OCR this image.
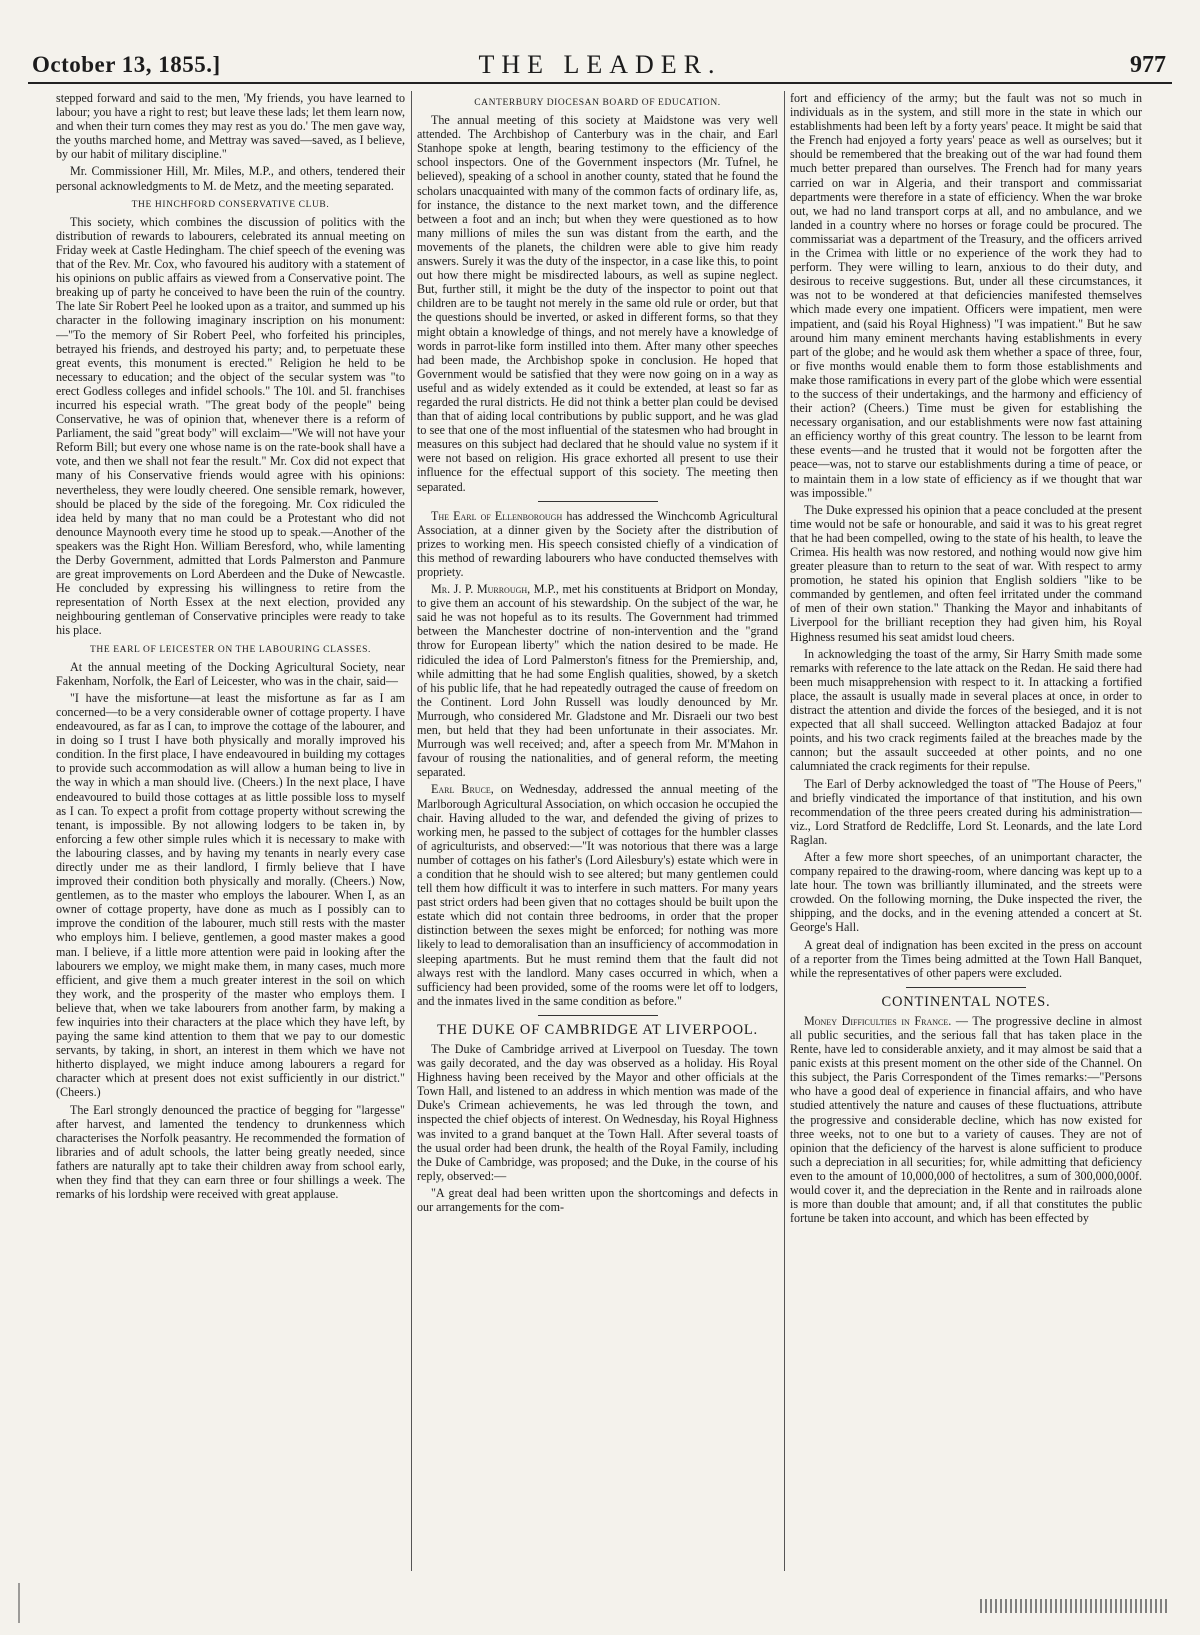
October 13, 1855.]	THE LEADER.	977

stepped forward and said to the men, 'My friends, you have learned to labour; you have a right to rest; but leave these lads; let them learn now, and when their turn comes they may rest as you do.' The men gave way, the youths marched home, and Mettray was saved—saved, as I believe, by our habit of military discipline."

Mr. Commissioner Hill, Mr. Miles, M.P., and others, tendered their personal acknowledgments to M. de Metz, and the meeting separated.

THE HINCHFORD CONSERVATIVE CLUB.

This society, which combines the discussion of politics with the distribution of rewards to labourers, celebrated its annual meeting on Friday week at Castle Hedingham. The chief speech of the evening was that of the Rev. Mr. Cox, who favoured his auditory with a statement of his opinions on public affairs as viewed from a Conservative point. The breaking up of party he conceived to have been the ruin of the country. The late Sir Robert Peel he looked upon as a traitor, and summed up his character in the following imaginary inscription on his monument:—"To the memory of Sir Robert Peel, who forfeited his principles, betrayed his friends, and destroyed his party; and, to perpetuate these great events, this monument is erected." Religion he held to be necessary to education; and the object of the secular system was "to erect Godless colleges and infidel schools." The 10l. and 5l. franchises incurred his especial wrath. "The great body of the people" being Conservative, he was of opinion that, whenever there is a reform of Parliament, the said "great body" will exclaim—"We will not have your Reform Bill; but every one whose name is on the rate-book shall have a vote, and then we shall not fear the result." Mr. Cox did not expect that many of his Conservative friends would agree with his opinions: nevertheless, they were loudly cheered. One sensible remark, however, should be placed by the side of the foregoing. Mr. Cox ridiculed the idea held by many that no man could be a Protestant who did not denounce Maynooth every time he stood up to speak.—Another of the speakers was the Right Hon. William Beresford, who, while lamenting the Derby Government, admitted that Lords Palmerston and Panmure are great improvements on Lord Aberdeen and the Duke of Newcastle. He concluded by expressing his willingness to retire from the representation of North Essex at the next election, provided any neighbouring gentleman of Conservative principles were ready to take his place.

THE EARL OF LEICESTER ON THE LABOURING CLASSES.

At the annual meeting of the Docking Agricultural Society, near Fakenham, Norfolk, the Earl of Leicester, who was in the chair, said—

"I have the misfortune—at least the misfortune as far as I am concerned—to be a very considerable owner of cottage property. I have endeavoured, as far as I can, to improve the cottage of the labourer, and in doing so I trust I have both physically and morally improved his condition. In the first place, I have endeavoured in building my cottages to provide such accommodation as will allow a human being to live in the way in which a man should live. (Cheers.) In the next place, I have endeavoured to build those cottages at as little possible loss to myself as I can. To expect a profit from cottage property without screwing the tenant, is impossible. By not allowing lodgers to be taken in, by enforcing a few other simple rules which it is necessary to make with the labouring classes, and by having my tenants in nearly every case directly under me as their landlord, I firmly believe that I have improved their condition both physically and morally. (Cheers.) Now, gentlemen, as to the master who employs the labourer. When I, as an owner of cottage property, have done as much as I possibly can to improve the condition of the labourer, much still rests with the master who employs him. I believe, gentlemen, a good master makes a good man. I believe, if a little more attention were paid in looking after the labourers we employ, we might make them, in many cases, much more efficient, and give them a much greater interest in the soil on which they work, and the prosperity of the master who employs them. I believe that, when we take labourers from another farm, by making a few inquiries into their characters at the place which they have left, by paying the same kind attention to them that we pay to our domestic servants, by taking, in short, an interest in them which we have not hitherto displayed, we might induce among labourers a regard for character which at present does not exist sufficiently in our district." (Cheers.)

The Earl strongly denounced the practice of begging for "largesse" after harvest, and lamented the tendency to drunkenness which characterises the Norfolk peasantry. He recommended the formation of libraries and of adult schools, the latter being greatly needed, since fathers are naturally apt to take their children away from school early, when they find that they can earn three or four shillings a week. The remarks of his lordship were received with great applause.

CANTERBURY DIOCESAN BOARD OF EDUCATION.

The annual meeting of this society at Maidstone was very well attended. The Archbishop of Canterbury was in the chair, and Earl Stanhope spoke at length, bearing testimony to the efficiency of the school inspectors. One of the Government inspectors (Mr. Tufnel, he believed), speaking of a school in another county, stated that he found the scholars unacquainted with many of the common facts of ordinary life, as, for instance, the distance to the next market town, and the difference between a foot and an inch; but when they were questioned as to how many millions of miles the sun was distant from the earth, and the movements of the planets, the children were able to give him ready answers. Surely it was the duty of the inspector, in a case like this, to point out how there might be misdirected labours, as well as supine neglect. But, further still, it might be the duty of the inspector to point out that children are to be taught not merely in the same old rule or order, but that the questions should be inverted, or asked in different forms, so that they might obtain a knowledge of things, and not merely have a knowledge of words in parrot-like form instilled into them. After many other speeches had been made, the Archbishop spoke in conclusion. He hoped that Government would be satisfied that they were now going on in a way as useful and as widely extended as it could be extended, at least so far as regarded the rural districts. He did not think a better plan could be devised than that of aiding local contributions by public support, and he was glad to see that one of the most influential of the statesmen who had brought in measures on this subject had declared that he should value no system if it were not based on religion. His grace exhorted all present to use their influence for the effectual support of this society. The meeting then separated.

The Earl of Ellenborough has addressed the Winchcomb Agricultural Association, at a dinner given by the Society after the distribution of prizes to working men. His speech consisted chiefly of a vindication of this method of rewarding labourers who have conducted themselves with propriety.

Mr. J. P. Murrough, M.P., met his constituents at Bridport on Monday, to give them an account of his stewardship. On the subject of the war, he said he was not hopeful as to its results. The Government had trimmed between the Manchester doctrine of non-intervention and the "grand throw for European liberty" which the nation desired to be made. He ridiculed the idea of Lord Palmerston's fitness for the Premiership, and, while admitting that he had some English qualities, showed, by a sketch of his public life, that he had repeatedly outraged the cause of freedom on the Continent. Lord John Russell was loudly denounced by Mr. Murrough, who considered Mr. Gladstone and Mr. Disraeli our two best men, but held that they had been unfortunate in their associates. Mr. Murrough was well received; and, after a speech from Mr. M'Mahon in favour of rousing the nationalities, and of general reform, the meeting separated.

Earl Bruce, on Wednesday, addressed the annual meeting of the Marlborough Agricultural Association, on which occasion he occupied the chair. Having alluded to the war, and defended the giving of prizes to working men, he passed to the subject of cottages for the humbler classes of agriculturists, and observed:—"It was notorious that there was a large number of cottages on his father's (Lord Ailesbury's) estate which were in a condition that he should wish to see altered; but many gentlemen could tell them how difficult it was to interfere in such matters. For many years past strict orders had been given that no cottages should be built upon the estate which did not contain three bedrooms, in order that the proper distinction between the sexes might be enforced; for nothing was more likely to lead to demoralisation than an insufficiency of accommodation in sleeping apartments. But he must remind them that the fault did not always rest with the landlord. Many cases occurred in which, when a sufficiency had been provided, some of the rooms were let off to lodgers, and the inmates lived in the same condition as before."

THE DUKE OF CAMBRIDGE AT LIVERPOOL.

The Duke of Cambridge arrived at Liverpool on Tuesday. The town was gaily decorated, and the day was observed as a holiday. His Royal Highness having been received by the Mayor and other officials at the Town Hall, and listened to an address in which mention was made of the Duke's Crimean achievements, he was led through the town, and inspected the chief objects of interest. On Wednesday, his Royal Highness was invited to a grand banquet at the Town Hall. After several toasts of the usual order had been drunk, the health of the Royal Family, including the Duke of Cambridge, was proposed; and the Duke, in the course of his reply, observed:—

"A great deal had been written upon the shortcomings and defects in our arrangements for the com-

fort and efficiency of the army; but the fault was not so much in individuals as in the system, and still more in the state in which our establishments had been left by a forty years' peace. It might be said that the French had enjoyed a forty years' peace as well as ourselves; but it should be remembered that the breaking out of the war had found them much better prepared than ourselves. The French had for many years carried on war in Algeria, and their transport and commissariat departments were therefore in a state of efficiency. When the war broke out, we had no land transport corps at all, and no ambulance, and we landed in a country where no horses or forage could be procured. The commissariat was a department of the Treasury, and the officers arrived in the Crimea with little or no experience of the work they had to perform. They were willing to learn, anxious to do their duty, and desirous to receive suggestions. But, under all these circumstances, it was not to be wondered at that deficiencies manifested themselves which made every one impatient. Officers were impatient, men were impatient, and (said his Royal Highness) "I was impatient." But he saw around him many eminent merchants having establishments in every part of the globe; and he would ask them whether a space of three, four, or five months would enable them to form those establishments and make those ramifications in every part of the globe which were essential to the success of their undertakings, and the harmony and efficiency of their action? (Cheers.) Time must be given for establishing the necessary organisation, and our establishments were now fast attaining an efficiency worthy of this great country. The lesson to be learnt from these events—and he trusted that it would not be forgotten after the peace—was, not to starve our establishments during a time of peace, or to maintain them in a low state of efficiency as if we thought that war was impossible."

The Duke expressed his opinion that a peace concluded at the present time would not be safe or honourable, and said it was to his great regret that he had been compelled, owing to the state of his health, to leave the Crimea. His health was now restored, and nothing would now give him greater pleasure than to return to the seat of war. With respect to army promotion, he stated his opinion that English soldiers "like to be commanded by gentlemen, and often feel irritated under the command of men of their own station." Thanking the Mayor and inhabitants of Liverpool for the brilliant reception they had given him, his Royal Highness resumed his seat amidst loud cheers.

In acknowledging the toast of the army, Sir Harry Smith made some remarks with reference to the late attack on the Redan. He said there had been much misapprehension with respect to it. In attacking a fortified place, the assault is usually made in several places at once, in order to distract the attention and divide the forces of the besieged, and it is not expected that all shall succeed. Wellington attacked Badajoz at four points, and his two crack regiments failed at the breaches made by the cannon; but the assault succeeded at other points, and no one calumniated the crack regiments for their repulse.

The Earl of Derby acknowledged the toast of "The House of Peers," and briefly vindicated the importance of that institution, and his own recommendation of the three peers created during his administration—viz., Lord Stratford de Redcliffe, Lord St. Leonards, and the late Lord Raglan.

After a few more short speeches, of an unimportant character, the company repaired to the drawing-room, where dancing was kept up to a late hour. The town was brilliantly illuminated, and the streets were crowded. On the following morning, the Duke inspected the river, the shipping, and the docks, and in the evening attended a concert at St. George's Hall.

A great deal of indignation has been excited in the press on account of a reporter from the Times being admitted at the Town Hall Banquet, while the representatives of other papers were excluded.

CONTINENTAL NOTES.

Money Difficulties in France. — The progressive decline in almost all public securities, and the serious fall that has taken place in the Rente, have led to considerable anxiety, and it may almost be said that a panic exists at this present moment on the other side of the Channel. On this subject, the Paris Correspondent of the Times remarks:—"Persons who have a good deal of experience in financial affairs, and who have studied attentively the nature and causes of these fluctuations, attribute the progressive and considerable decline, which has now existed for three weeks, not to one but to a variety of causes. They are not of opinion that the deficiency of the harvest is alone sufficient to produce such a depreciation in all securities; for, while admitting that deficiency even to the amount of 10,000,000 of hectolitres, a sum of 300,000,000f. would cover it, and the depreciation in the Rente and in railroads alone is more than double that amount; and, if all that constitutes the public fortune be taken into account, and which has been effected by
